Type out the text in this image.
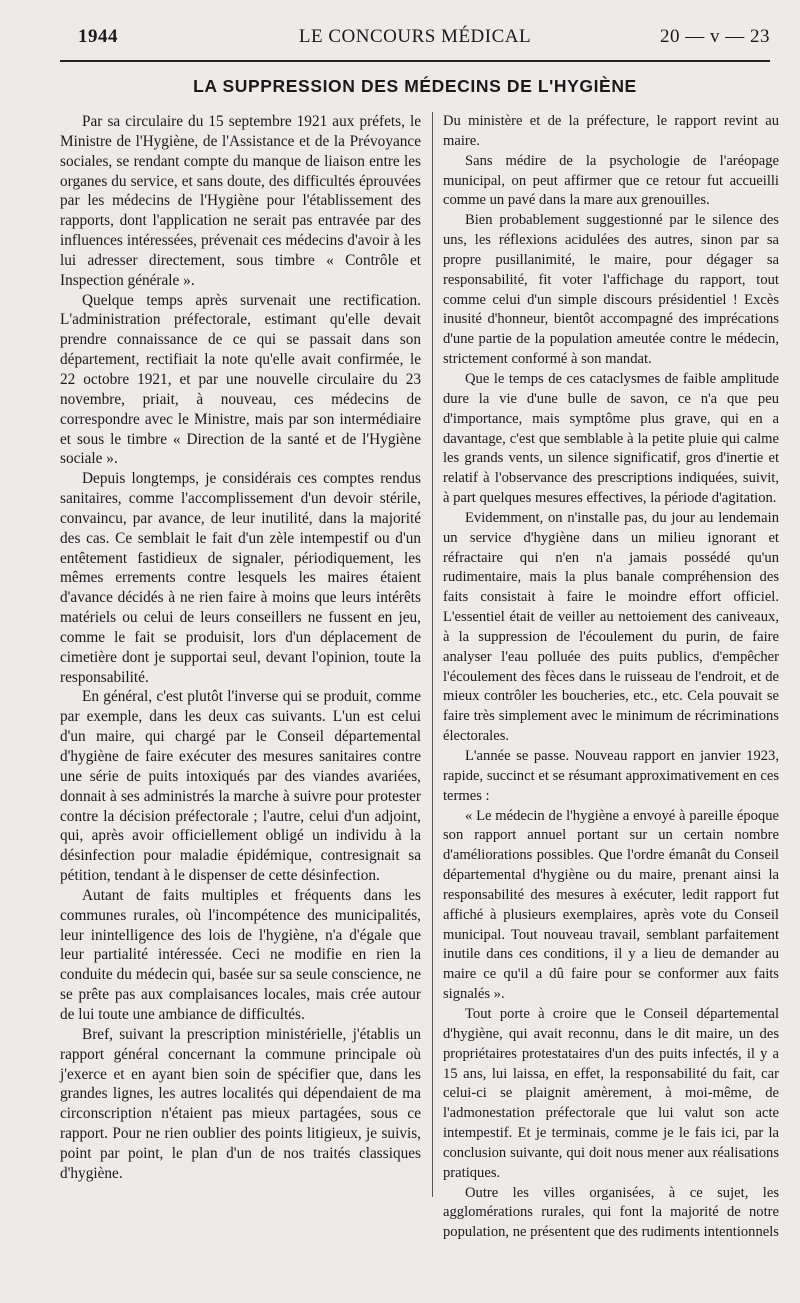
1944	LE CONCOURS MÉDICAL	20 — v — 23
LA SUPPRESSION DES MÉDECINS DE L'HYGIÈNE

Par sa circulaire du 15 septembre 1921 aux préfets, le Ministre de l'Hygiène, de l'Assistance et de la Prévoyance sociales, se rendant compte du manque de liaison entre les organes du service, et sans doute, des difficultés éprouvées par les médecins de l'Hygiène pour l'établissement des rapports, dont l'application ne serait pas entravée par des influences intéressées, prévenait ces médecins d'avoir à les lui adresser directement, sous timbre « Contrôle et Inspection générale ».

Quelque temps après survenait une rectification. L'administration préfectorale, estimant qu'elle devait prendre connaissance de ce qui se passait dans son département, rectifiait la note qu'elle avait confirmée, le 22 octobre 1921, et par une nouvelle circulaire du 23 novembre, priait, à nouveau, ces médecins de correspondre avec le Ministre, mais par son intermédiaire et sous le timbre « Direction de la santé et de l'Hygiène sociale ».

Depuis longtemps, je considérais ces comptes rendus sanitaires, comme l'accomplissement d'un devoir stérile, convaincu, par avance, de leur inutilité, dans la majorité des cas. Ce semblait le fait d'un zèle intempestif ou d'un entêtement fastidieux de signaler, périodiquement, les mêmes errements contre lesquels les maires étaient d'avance décidés à ne rien faire à moins que leurs intérêts matériels ou celui de leurs conseillers ne fussent en jeu, comme le fait se produisit, lors d'un déplacement de cimetière dont je supportai seul, devant l'opinion, toute la responsabilité.

En général, c'est plutôt l'inverse qui se produit, comme par exemple, dans les deux cas suivants. L'un est celui d'un maire, qui chargé par le Conseil départemental d'hygiène de faire exécuter des mesures sanitaires contre une série de puits intoxiqués par des viandes avariées, donnait à ses administrés la marche à suivre pour protester contre la décision préfectorale ; l'autre, celui d'un adjoint, qui, après avoir officiellement obligé un individu à la désinfection pour maladie épidémique, contresignait sa pétition, tendant à le dispenser de cette désinfection.

Autant de faits multiples et fréquents dans les communes rurales, où l'incompétence des municipalités, leur inintelligence des lois de l'hygiène, n'a d'égale que leur partialité intéressée. Ceci ne modifie en rien la conduite du médecin qui, basée sur sa seule conscience, ne se prête pas aux complaisances locales, mais crée autour de lui toute une ambiance de difficultés.

Bref, suivant la prescription ministérielle, j'établis un rapport général concernant la commune principale où j'exerce et en ayant bien soin de spécifier que, dans les grandes lignes, les autres localités qui dépendaient de ma circonscription n'étaient pas mieux partagées, sous ce rapport. Pour ne rien oublier des points litigieux, je suivis, point par point, le plan d'un de nos traités classiques d'hygiène.

Du ministère et de la préfecture, le rapport revint au maire.

Sans médire de la psychologie de l'aréopage municipal, on peut affirmer que ce retour fut accueilli comme un pavé dans la mare aux grenouilles.

Bien probablement suggestionné par le silence des uns, les réflexions acidulées des autres, sinon par sa propre pusillanimité, le maire, pour dégager sa responsabilité, fit voter l'affichage du rapport, tout comme celui d'un simple discours présidentiel ! Excès inusité d'honneur, bientôt accompagné des imprécations d'une partie de la population ameutée contre le médecin, strictement conformé à son mandat.

Que le temps de ces cataclysmes de faible amplitude dure la vie d'une bulle de savon, ce n'a que peu d'importance, mais symptôme plus grave, qui en a davantage, c'est que semblable à la petite pluie qui calme les grands vents, un silence significatif, gros d'inertie et relatif à l'observance des prescriptions indiquées, suivit, à part quelques mesures effectives, la période d'agitation.

Evidemment, on n'installe pas, du jour au lendemain un service d'hygiène dans un milieu ignorant et réfractaire qui n'en n'a jamais possédé qu'un rudimentaire, mais la plus banale compréhension des faits consistait à faire le moindre effort officiel. L'essentiel était de veiller au nettoiement des caniveaux, à la suppression de l'écoulement du purin, de faire analyser l'eau polluée des puits publics, d'empêcher l'écoulement des fèces dans le ruisseau de l'endroit, et de mieux contrôler les boucheries, etc., etc. Cela pouvait se faire très simplement avec le minimum de récriminations électorales.

L'année se passe. Nouveau rapport en janvier 1923, rapide, succinct et se résumant approximativement en ces termes :

« Le médecin de l'hygiène a envoyé à pareille époque son rapport annuel portant sur un certain nombre d'améliorations possibles. Que l'ordre émanât du Conseil départemental d'hygiène ou du maire, prenant ainsi la responsabilité des mesures à exécuter, ledit rapport fut affiché à plusieurs exemplaires, après vote du Conseil municipal. Tout nouveau travail, semblant parfaitement inutile dans ces conditions, il y a lieu de demander au maire ce qu'il a dû faire pour se conformer aux faits signalés ».

Tout porte à croire que le Conseil départemental d'hygiène, qui avait reconnu, dans le dit maire, un des propriétaires protestataires d'un des puits infectés, il y a 15 ans, lui laissa, en effet, la responsabilité du fait, car celui-ci se plaignit amèrement, à moi-même, de l'admonestation préfectorale que lui valut son acte intempestif. Et je terminais, comme je le fais ici, par la conclusion suivante, qui doit nous mener aux réalisations pratiques.

Outre les villes organisées, à ce sujet, les agglomérations rurales, qui font la majorité de notre population, ne présentent que des rudiments intentionnels
